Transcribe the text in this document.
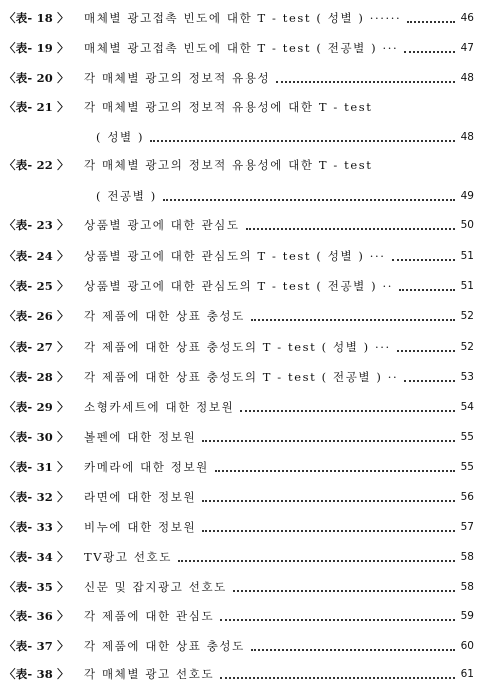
〈表- 18 〉 매체별 광고접촉 빈도에 대한 T - test ( 성별 ) ······	46
〈表- 19 〉 매체별 광고접촉 빈도에 대한 T - test ( 전공별 ) ···	47
〈表- 20 〉 각 매체별 광고의 정보적 유용성	48
〈表- 21 〉 각 매체별 광고의 정보적 유용성에 대한 T - test
( 성별 )	48
〈表- 22 〉 각 매체별 광고의 정보적 유용성에 대한 T - test
( 전공별 )	49
〈表- 23 〉 상품별 광고에 대한 관심도	50
〈表- 24 〉 상품별 광고에 대한 관심도의 T - test ( 성별 ) ···	51
〈表- 25 〉 상품별 광고에 대한 관심도의 T - test ( 전공별 ) ··	51
〈表- 26 〉 각 제품에 대한 상표 충성도	52
〈表- 27 〉 각 제품에 대한 상표 충성도의 T - test ( 성별 ) ···	52
〈表- 28 〉 각 제품에 대한 상표 충성도의 T - test ( 전공별 ) ··	53
〈表- 29 〉 소형카세트에 대한 정보원	54
〈表- 30 〉 볼펜에 대한 정보원	55
〈表- 31 〉 카메라에 대한 정보원	55
〈表- 32 〉 라면에 대한 정보원	56
〈表- 33 〉 비누에 대한 정보원	57
〈表- 34 〉 TV광고 선호도	58
〈表- 35 〉 신문 및 잡지광고 선호도	58
〈表- 36 〉 각 제품에 대한 관심도	59
〈表- 37 〉 각 제품에 대한 상표 충성도	60
〈表- 38 〉 각 매체별 광고 선호도	61
